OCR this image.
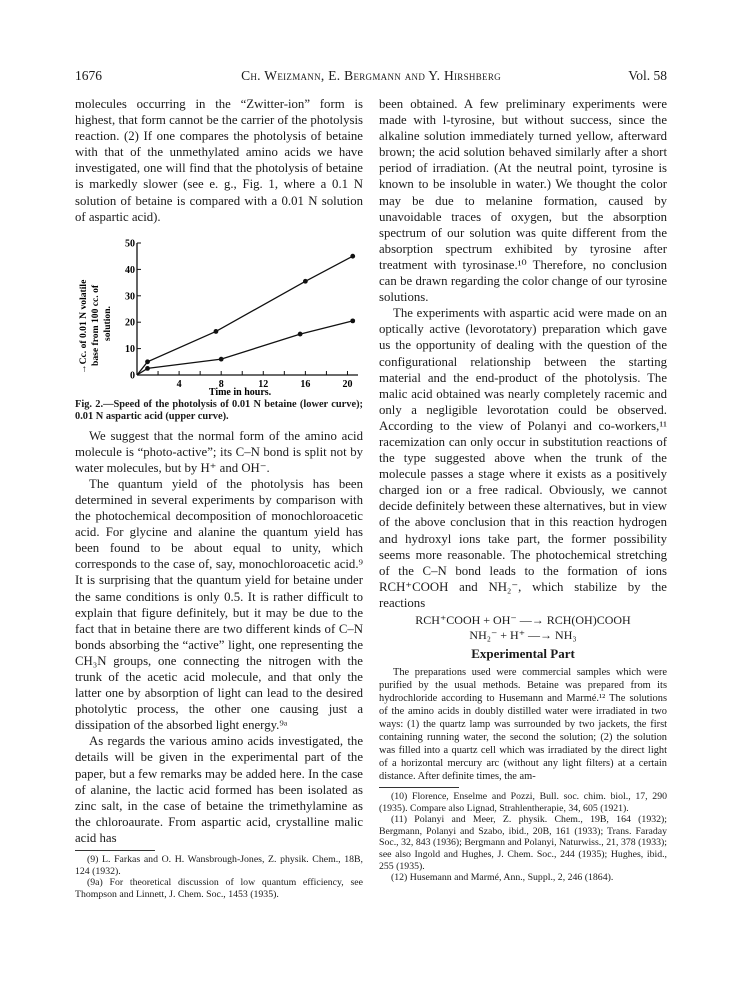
1676	Ch. Weizmann, E. Bergmann and Y. Hirshberg	Vol. 58

molecules occurring in the “Zwitter-ion” form is highest, that form cannot be the carrier of the photolysis reaction. (2) If one compares the photolysis of betaine with that of the unmethylated amino acids we have investigated, one will find that the photolysis of betaine is markedly slower (see e. g., Fig. 1, where a 0.1 N solution of betaine is compared with a 0.01 N solution of aspartic acid).

→Cc. of 0.01 N volatile base from 100 cc. of solution.
Time in hours.
0
10
20
30
40
50
4	8	12	16	20

Fig. 2.—Speed of the photolysis of 0.01 N betaine (lower curve); 0.01 N aspartic acid (upper curve).

We suggest that the normal form of the amino acid molecule is “photo-active”; its C–N bond is split not by water molecules, but by H⁺ and OH⁻.

The quantum yield of the photolysis has been determined in several experiments by comparison with the photochemical decomposition of monochloroacetic acid. For glycine and alanine the quantum yield has been found to be about equal to unity, which corresponds to the case of, say, monochloroacetic acid.⁹ It is surprising that the quantum yield for betaine under the same conditions is only 0.5. It is rather difficult to explain that figure definitely, but it may be due to the fact that in betaine there are two different kinds of C–N bonds absorbing the “active” light, one representing the CH₃N groups, one connecting the nitrogen with the trunk of the acetic acid molecule, and that only the latter one by absorption of light can lead to the desired photolytic process, the other one causing just a dissipation of the absorbed light energy.⁹ᵃ

As regards the various amino acids investigated, the details will be given in the experimental part of the paper, but a few remarks may be added here. In the case of alanine, the lactic acid formed has been isolated as zinc salt, in the case of betaine the trimethylamine as the chloroaurate. From aspartic acid, crystalline malic acid has

(9) L. Farkas and O. H. Wansbrough-Jones, Z. physik. Chem., 18B, 124 (1932).

(9a) For theoretical discussion of low quantum efficiency, see Thompson and Linnett, J. Chem. Soc., 1453 (1935).

been obtained. A few preliminary experiments were made with l-tyrosine, but without success, since the alkaline solution immediately turned yellow, afterward brown; the acid solution behaved similarly after a short period of irradiation. (At the neutral point, tyrosine is known to be insoluble in water.) We thought the color may be due to melanine formation, caused by unavoidable traces of oxygen, but the absorption spectrum of our solution was quite different from the absorption spectrum exhibited by tyrosine after treatment with tyrosinase.¹⁰ Therefore, no conclusion can be drawn regarding the color change of our tyrosine solutions.

The experiments with aspartic acid were made on an optically active (levorotatory) preparation which gave us the opportunity of dealing with the question of the configurational relationship between the starting material and the end-product of the photolysis. The malic acid obtained was nearly completely racemic and only a negligible levorotation could be observed. According to the view of Polanyi and co-workers,¹¹ racemization can only occur in substitution reactions of the type suggested above when the trunk of the molecule passes a stage where it exists as a positively charged ion or a free radical. Obviously, we cannot decide definitely between these alternatives, but in view of the above conclusion that in this reaction hydrogen and hydroxyl ions take part, the former possibility seems more reasonable. The photochemical stretching of the C–N bond leads to the formation of ions RCH⁺COOH and NH₂⁻, which stabilize by the reactions

RCH⁺COOH + OH⁻ —→ RCH(OH)COOH
NH₂⁻ + H⁺ —→ NH₃
Experimental Part

The preparations used were commercial samples which were purified by the usual methods. Betaine was prepared from its hydrochloride according to Husemann and Marmé.¹² The solutions of the amino acids in doubly distilled water were irradiated in two ways: (1) the quartz lamp was surrounded by two jackets, the first containing running water, the second the solution; (2) the solution was filled into a quartz cell which was irradiated by the direct light of a horizontal mercury arc (without any light filters) at a certain distance. After definite times, the am-

(10) Florence, Enselme and Pozzi, Bull. soc. chim. biol., 17, 290 (1935). Compare also Lignad, Strahlentherapie, 34, 605 (1921).

(11) Polanyi and Meer, Z. physik. Chem., 19B, 164 (1932); Bergmann, Polanyi and Szabo, ibid., 20B, 161 (1933); Trans. Faraday Soc., 32, 843 (1936); Bergmann and Polanyi, Naturwiss., 21, 378 (1933); see also Ingold and Hughes, J. Chem. Soc., 244 (1935); Hughes, ibid., 255 (1935).

(12) Husemann and Marmé, Ann., Suppl., 2, 246 (1864).
